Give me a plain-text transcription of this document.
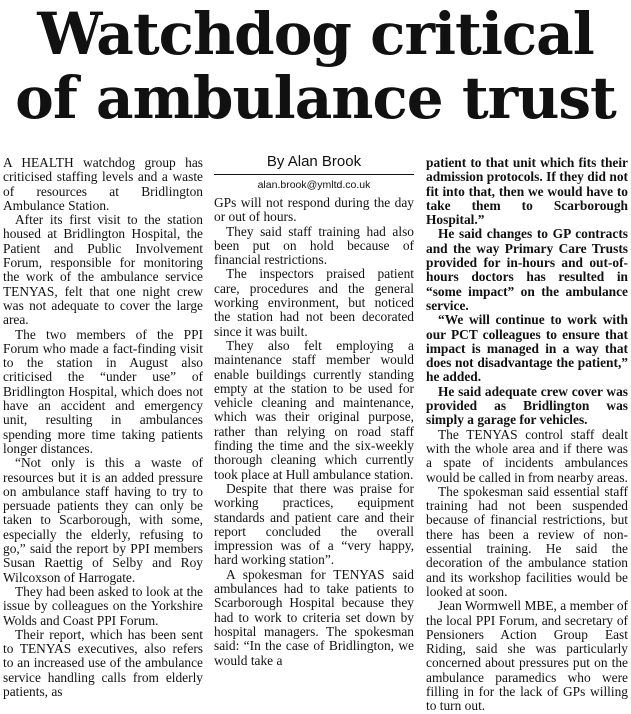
Watchdog critical
of ambulance trust

A HEALTH watchdog group has criticised staffing levels and a waste of resources at Bridlington Ambulance Station.

After its first visit to the station housed at Bridlington Hospital, the Patient and Public Involvement Forum, responsible for monitoring the work of the ambulance service TENYAS, felt that one night crew was not adequate to cover the large area.

The two members of the PPI Forum who made a fact-finding visit to the station in August also criticised the “under use” of Bridlington Hospital, which does not have an accident and emergency unit, resulting in ambulances spending more time taking patients longer distances.

“Not only is this a waste of resources but it is an added pressure on ambulance staff having to try to persuade patients they can only be taken to Scarborough, with some, especially the elderly, refusing to go,” said the report by PPI members Susan Raettig of Selby and Roy Wilcoxson of Harrogate.

They had been asked to look at the issue by colleagues on the Yorkshire Wolds and Coast PPI Forum.

Their report, which has been sent to TENYAS executives, also refers to an increased use of the ambulance service handling calls from elderly patients, as

By Alan Brook
alan.brook@ymltd.co.uk

GPs will not respond during the day or out of hours.

They said staff training had also been put on hold because of financial restrictions.

The inspectors praised patient care, procedures and the general working environment, but noticed the station had not been decorated since it was built.

They also felt employing a maintenance staff member would enable buildings currently standing empty at the station to be used for vehicle cleaning and maintenance, which was their original purpose, rather than relying on road staff finding the time and the six-weekly thorough cleaning which currently took place at Hull ambulance station.

Despite that there was praise for working practices, equipment standards and patient care and their report concluded the overall impression was of a “very happy, hard working station”.

A spokesman for TENYAS said ambulances had to take patients to Scarborough Hospital because they had to work to criteria set down by hospital managers. The spokesman said: “In the case of Bridlington, we would take a

patient to that unit which fits their admission protocols. If they did not fit into that, then we would have to take them to Scarborough Hospital.”

He said changes to GP contracts and the way Primary Care Trusts provided for in-hours and out-of-hours doctors has resulted in “some impact” on the ambulance service.

“We will continue to work with our PCT colleagues to ensure that impact is managed in a way that does not disadvantage the patient,” he added.

He said adequate crew cover was provided as Bridlington was simply a garage for vehicles.

The TENYAS control staff dealt with the whole area and if there was a spate of incidents ambulances would be called in from nearby areas.

The spokesman said essential staff training had not been suspended because of financial restrictions, but there has been a review of non-essential training. He said the decoration of the ambulance station and its workshop facilities would be looked at soon.

Jean Wormwell MBE, a member of the local PPI Forum, and secretary of Pensioners Action Group East Riding, said she was particularly concerned about pressures put on the ambulance paramedics who were filling in for the lack of GPs willing to turn out.
